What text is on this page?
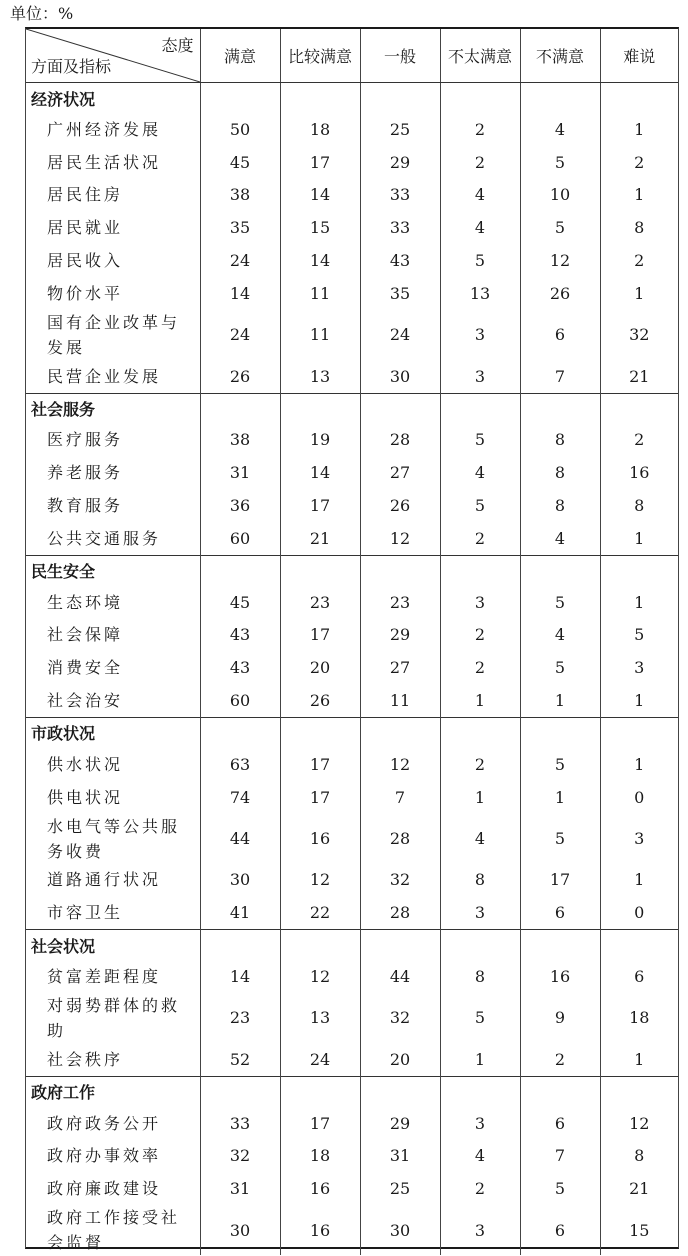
单位：%
态度
方面及指标	满意	比较满意	一般	不太满意	不满意	难说
经济状况						
广州经济发展	50	18	25	2	4	1
居民生活状况	45	17	29	2	5	2
居民住房	38	14	33	4	10	1
居民就业	35	15	33	4	5	8
居民收入	24	14	43	5	12	2
物价水平	14	11	35	13	26	1
国有企业改革与发展	24	11	24	3	6	32
民营企业发展	26	13	30	3	7	21
社会服务						
医疗服务	38	19	28	5	8	2
养老服务	31	14	27	4	8	16
教育服务	36	17	26	5	8	8
公共交通服务	60	21	12	2	4	1
民生安全						
生态环境	45	23	23	3	5	1
社会保障	43	17	29	2	4	5
消费安全	43	20	27	2	5	3
社会治安	60	26	11	1	1	1
市政状况						
供水状况	63	17	12	2	5	1
供电状况	74	17	7	1	1	0
水电气等公共服务收费	44	16	28	4	5	3
道路通行状况	30	12	32	8	17	1
市容卫生	41	22	28	3	6	0
社会状况						
贫富差距程度	14	12	44	8	16	6
对弱势群体的救助	23	13	32	5	9	18
社会秩序	52	24	20	1	2	1
政府工作						
政府政务公开	33	17	29	3	6	12
政府办事效率	32	18	31	4	7	8
政府廉政建设	31	16	25	2	5	21
政府工作接受社会监督	30	16	30	3	6	15
